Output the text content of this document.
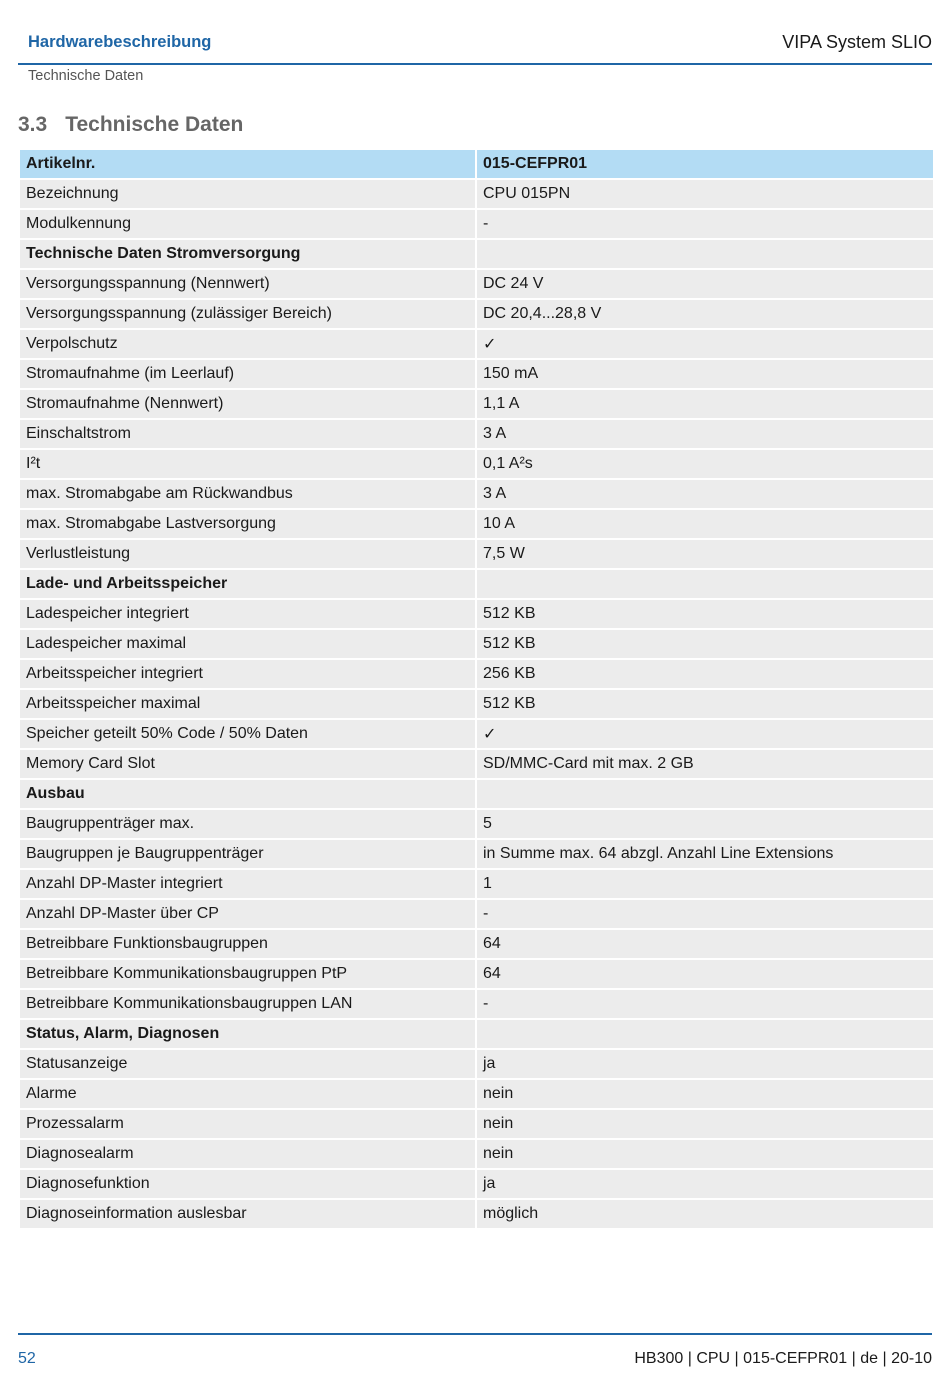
Hardwarebeschreibung	VIPA System SLIO
Technische Daten
3.3 Technische Daten
Artikelnr.	015-CEFPR01
Bezeichnung	CPU 015PN
Modulkennung	-
Technische Daten Stromversorgung	
Versorgungsspannung (Nennwert)	DC 24 V
Versorgungsspannung (zulässiger Bereich)	DC 20,4...28,8 V
Verpolschutz	✓
Stromaufnahme (im Leerlauf)	150 mA
Stromaufnahme (Nennwert)	1,1 A
Einschaltstrom	3 A
I²t	0,1 A²s
max. Stromabgabe am Rückwandbus	3 A
max. Stromabgabe Lastversorgung	10 A
Verlustleistung	7,5 W
Lade- und Arbeitsspeicher	
Ladespeicher integriert	512 KB
Ladespeicher maximal	512 KB
Arbeitsspeicher integriert	256 KB
Arbeitsspeicher maximal	512 KB
Speicher geteilt 50% Code / 50% Daten	✓
Memory Card Slot	SD/MMC-Card mit max. 2 GB
Ausbau	
Baugruppenträger max.	5
Baugruppen je Baugruppenträger	in Summe max. 64 abzgl. Anzahl Line Extensions
Anzahl DP-Master integriert	1
Anzahl DP-Master über CP	-
Betreibbare Funktionsbaugruppen	64
Betreibbare Kommunikationsbaugruppen PtP	64
Betreibbare Kommunikationsbaugruppen LAN	-
Status, Alarm, Diagnosen	
Statusanzeige	ja
Alarme	nein
Prozessalarm	nein
Diagnosealarm	nein
Diagnosefunktion	ja
Diagnoseinformation auslesbar	möglich
52	HB300 | CPU | 015-CEFPR01 | de | 20-10
